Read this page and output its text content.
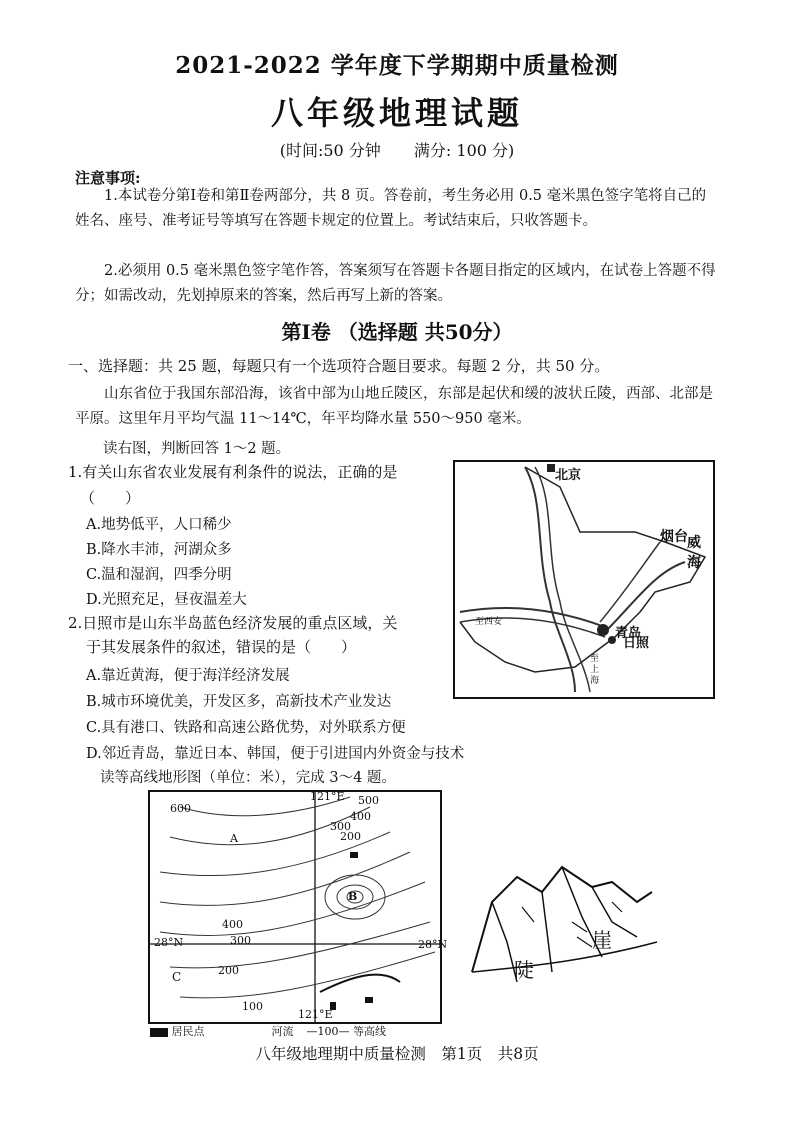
2021-2022 学年度下学期期中质量检测
八年级地理试题
(时间:50 分钟 满分: 100 分)
注意事项:
1.本试卷分第Ⅰ卷和第Ⅱ卷两部分，共 8 页。答卷前，考生务必用 0.5 毫米黑色签字笔将自己的姓名、座号、准考证号等填写在答题卡规定的位置上。考试结束后，只收答题卡。
2.必须用 0.5 毫米黑色签字笔作答，答案须写在答题卡各题目指定的区域内，在试卷上答题不得分；如需改动，先划掉原来的答案，然后再写上新的答案。
第Ⅰ卷 （选择题 共50分）
一、选择题：共 25 题，每题只有一个选项符合题目要求。每题 2 分，共 50 分。
山东省位于我国东部沿海，该省中部为山地丘陵区，东部是起伏和缓的波状丘陵，西部、北部是平原。这里年月平均气温 11～14℃，年平均降水量 550～950 毫米。
读右图，判断回答 1～2 题。
1.有关山东省农业发展有利条件的说法，正确的是
（　　）
A.地势低平，人口稀少
B.降水丰沛，河湖众多
C.温和湿润，四季分明
D.光照充足，昼夜温差大
2.日照市是山东半岛蓝色经济发展的重点区域，关
于其发展条件的叙述，错误的是（　　）
A.靠近黄海，便于海洋经济发展
B.城市环境优美，开发区多，高新技术产业发达
C.具有港口、铁路和高速公路优势，对外联系方便
D.邻近青岛，靠近日本、韩国，便于引进国内外资金与技术
读等高线地形图（单位：米），完成 3～4 题。
北京
烟台 威海
青岛
日照
至西安
至上海
121°E
121°E
28°N	28°N
600
500
400
300
200
400
300
200
100
A
B
C
居民点	河流 —100— 等高线
崖
陡
八年级地理期中质量检测　第1页　共8页
